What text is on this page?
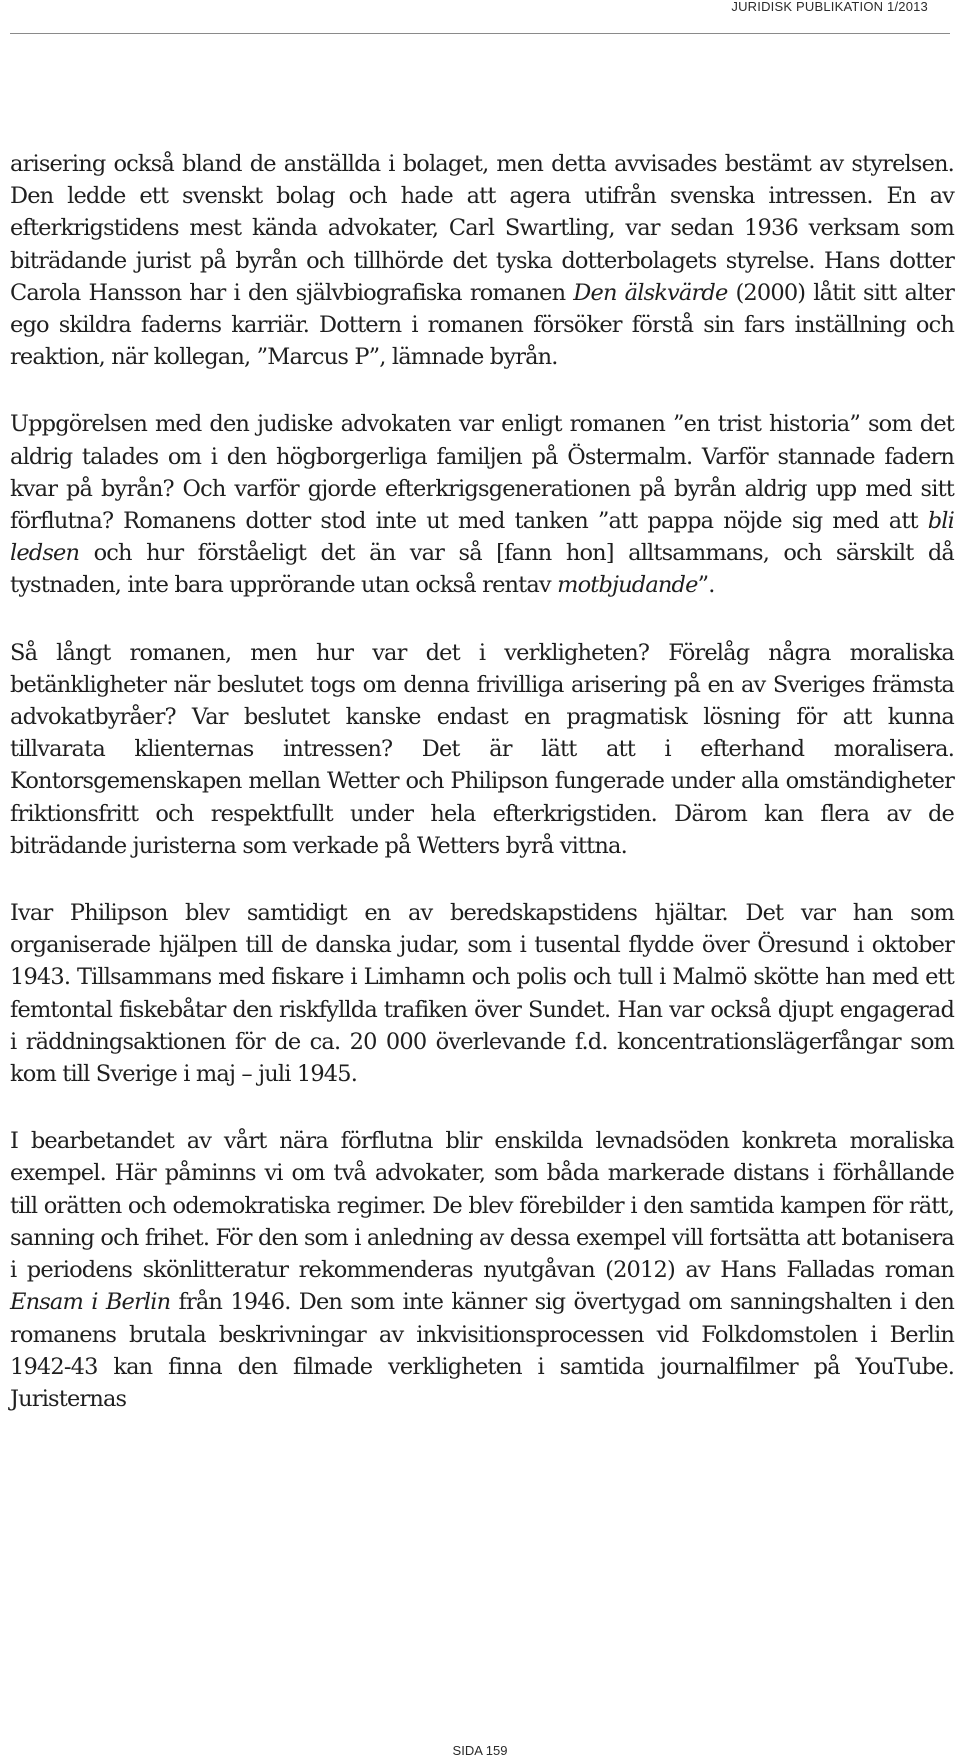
JURIDISK PUBLIKATION 1/2013

arisering också bland de anställda i bolaget, men detta avvisades bestämt av styrelsen. Den ledde ett svenskt bolag och hade att agera utifrån svenska intressen. En av efterkrigstidens mest kända advokater, Carl Swartling, var sedan 1936 verksam som biträdande jurist på byrån och tillhörde det tyska dotterbolagets styrelse. Hans dotter Carola Hansson har i den självbiografiska romanen Den älskvärde (2000) låtit sitt alter ego skildra faderns karriär. Dottern i romanen försöker förstå sin fars inställning och reaktion, när kollegan, ”Marcus P”, lämnade byrån.

Uppgörelsen med den judiske advokaten var enligt romanen ”en trist historia” som det aldrig talades om i den högborgerliga familjen på Östermalm. Varför stannade fadern kvar på byrån? Och varför gjorde efterkrigsgenerationen på byrån aldrig upp med sitt förflutna? Romanens dotter stod inte ut med tanken ”att pappa nöjde sig med att bli ledsen och hur förståeligt det än var så [fann hon] alltsammans, och särskilt då tystnaden, inte bara upprörande utan också rentav motbjudande”.

Så långt romanen, men hur var det i verkligheten? Förelåg några moraliska betänkligheter när beslutet togs om denna frivilliga arisering på en av Sveriges främsta advokatbyråer? Var beslutet kanske endast en pragmatisk lösning för att kunna tillvarata klienternas intressen? Det är lätt att i efterhand moralisera. Kontorsgemenskapen mellan Wetter och Philipson fungerade under alla omständigheter friktionsfritt och respektfullt under hela efterkrigstiden. Därom kan flera av de biträdande juristerna som verkade på Wetters byrå vittna.

Ivar Philipson blev samtidigt en av beredskapstidens hjältar. Det var han som organiserade hjälpen till de danska judar, som i tusental flydde över Öresund i oktober 1943. Tillsammans med fiskare i Limhamn och polis och tull i Malmö skötte han med ett femtontal fiskebåtar den riskfyllda trafiken över Sundet. Han var också djupt engagerad i räddningsaktionen för de ca. 20 000 överlevande f.d. koncentrationslägerfångar som kom till Sverige i maj – juli 1945.

I bearbetandet av vårt nära förflutna blir enskilda levnadsöden konkreta moraliska exempel. Här påminns vi om två advokater, som båda markerade distans i förhållande till orätten och odemokratiska regimer. De blev förebilder i den samtida kampen för rätt, sanning och frihet. För den som i anledning av dessa exempel vill fortsätta att botanisera i periodens skönlitteratur rekommenderas nyutgåvan (2012) av Hans Falladas roman Ensam i Berlin från 1946. Den som inte känner sig övertygad om sanningshalten i den romanens brutala beskrivningar av inkvisitionsprocessen vid Folkdomstolen i Berlin 1942-43 kan finna den filmade verkligheten i samtida journalfilmer på YouTube. Juristernas

SIDA 159
